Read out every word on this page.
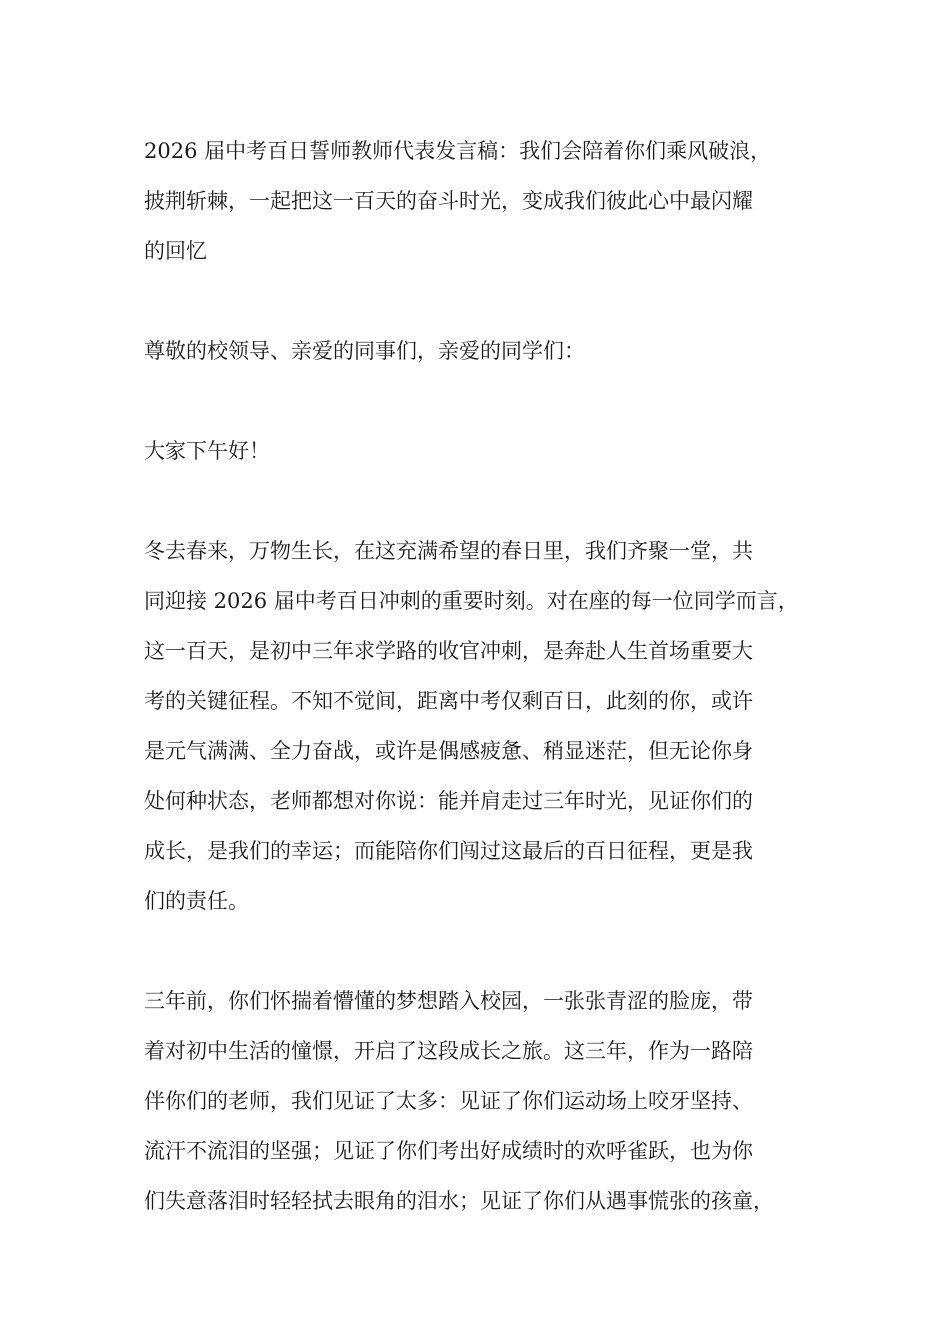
2026 届中考百日誓师教师代表发言稿：我们会陪着你们乘风破浪，
披荆斩棘，一起把这一百天的奋斗时光，变成我们彼此心中最闪耀
的回忆

尊敬的校领导、亲爱的同事们，亲爱的同学们：

大家下午好！

冬去春来，万物生长，在这充满希望的春日里，我们齐聚一堂，共
同迎接 2026 届中考百日冲刺的重要时刻。对在座的每一位同学而言，
这一百天，是初中三年求学路的收官冲刺，是奔赴人生首场重要大
考的关键征程。不知不觉间，距离中考仅剩百日，此刻的你，或许
是元气满满、全力奋战，或许是偶感疲惫、稍显迷茫，但无论你身
处何种状态，老师都想对你说：能并肩走过三年时光，见证你们的
成长，是我们的幸运；而能陪你们闯过这最后的百日征程，更是我
们的责任。

三年前，你们怀揣着懵懂的梦想踏入校园，一张张青涩的脸庞，带
着对初中生活的憧憬，开启了这段成长之旅。这三年，作为一路陪
伴你们的老师，我们见证了太多：见证了你们运动场上咬牙坚持、
流汗不流泪的坚强；见证了你们考出好成绩时的欢呼雀跃，也为你
们失意落泪时轻轻拭去眼角的泪水；见证了你们从遇事慌张的孩童，
